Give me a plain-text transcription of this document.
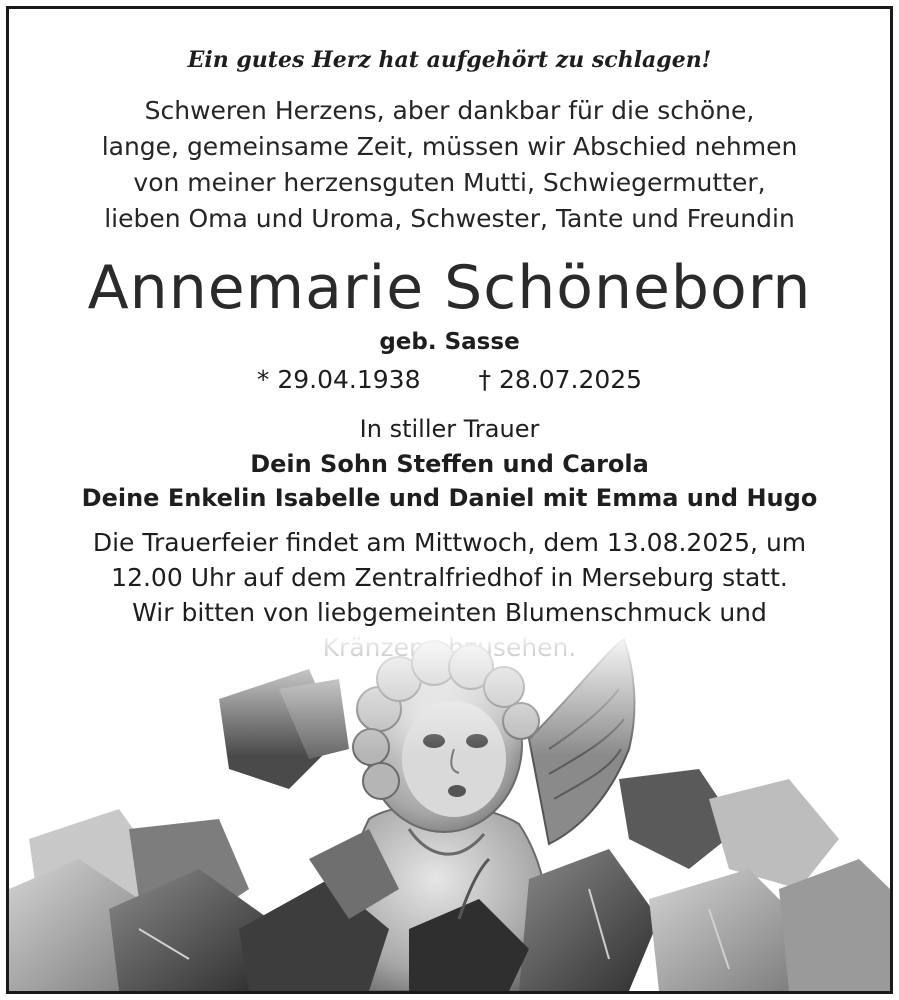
Ein gutes Herz hat aufgehört zu schlagen!
Schweren Herzens, aber dankbar für die schöne,
lange, gemeinsame Zeit, müssen wir Abschied nehmen
von meiner herzensguten Mutti, Schwiegermutter,
lieben Oma und Uroma, Schwester, Tante und Freundin
Annemarie Schöneborn
geb. Sasse
* 29.04.1938 † 28.07.2025
In stiller Trauer
Dein Sohn Steffen und Carola
Deine Enkelin Isabelle und Daniel mit Emma und Hugo
Die Trauerfeier findet am Mittwoch, dem 13.08.2025, um
12.00 Uhr auf dem Zentralfriedhof in Merseburg statt.
Wir bitten von liebgemeinten Blumenschmuck und
